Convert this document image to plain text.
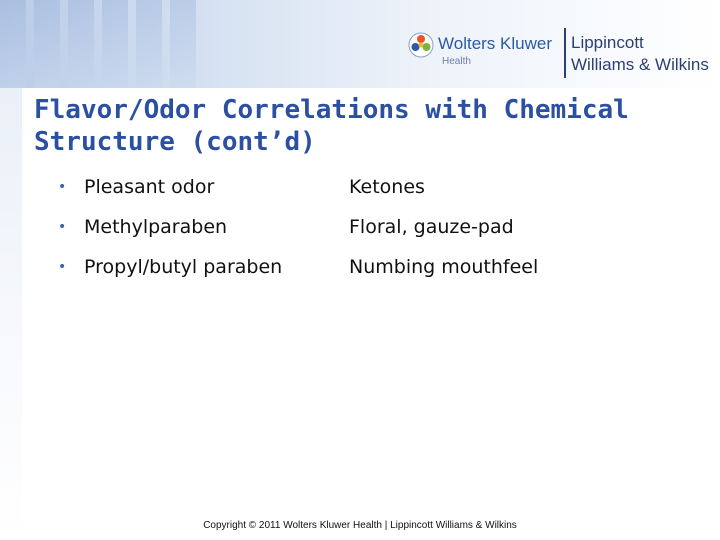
Wolters Kluwer
Health
Lippincott
Williams & Wilkins
Flavor/Odor Correlations with Chemical Structure (cont’d)
• Pleasant odor	Ketones
• Methylparaben	Floral, gauze-pad
• Propyl/butyl paraben	Numbing mouthfeel
Copyright © 2011 Wolters Kluwer Health | Lippincott Williams & Wilkins
